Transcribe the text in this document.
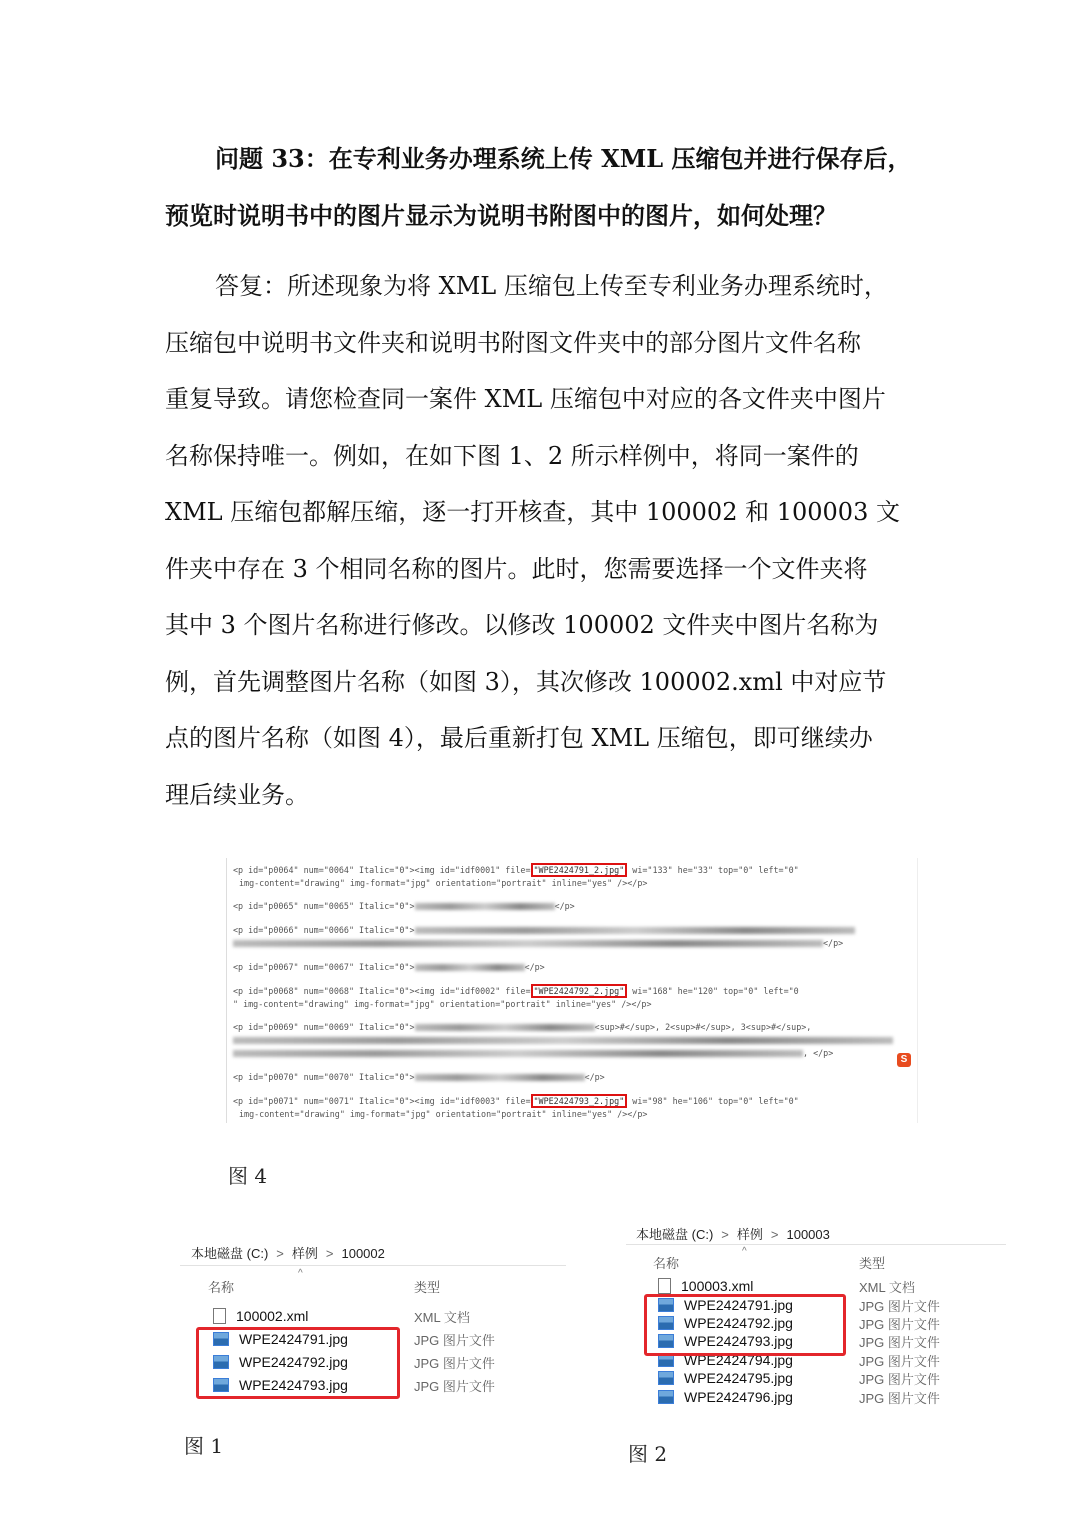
问题 33：在专利业务办理系统上传 XML 压缩包并进行保存后，
预览时说明书中的图片显示为说明书附图中的图片，如何处理？
答复：所述现象为将 XML 压缩包上传至专利业务办理系统时，
压缩包中说明书文件夹和说明书附图文件夹中的部分图片文件名称
重复导致。请您检查同一案件 XML 压缩包中对应的各文件夹中图片
名称保持唯一。例如，在如下图 1、2 所示样例中，将同一案件的
XML 压缩包都解压缩，逐一打开核查，其中 100002 和 100003 文
件夹中存在 3 个相同名称的图片。此时，您需要选择一个文件夹将
其中 3 个图片名称进行修改。以修改 100002 文件夹中图片名称为
例，首先调整图片名称（如图 3），其次修改 100002.xml 中对应节
点的图片名称（如图 4），最后重新打包 XML 压缩包，即可继续办
理后续业务。
<p id="p0064" num="0064" Italic="0"><img id="idf0001" file= "WPE2424791_2.jpg" wi="133" he="33" top="0" left="0"
img-content="drawing" img-format="jpg" orientation="portrait" inline="yes" /></p>
<p id="p0065" num="0065" Italic="0">	</p>
<p id="p0066" num="0066" Italic="0">
</p>
<p id="p0067" num="0067" Italic="0">	</p>
<p id="p0068" num="0068" Italic="0"><img id="idf0002" file= "WPE2424792_2.jpg" wi="168" he="120" top="0" left="0
" img-content="drawing" img-format="jpg" orientation="portrait" inline="yes" /></p>
<p id="p0069" num="0069" Italic="0">	<sup>#</sup>, 2<sup>#</sup>, 3<sup>#</sup>,
, </p>
S
<p id="p0070" num="0070" Italic="0">	</p>
<p id="p0071" num="0071" Italic="0"><img id="idf0003" file= "WPE2424793_2.jpg" wi="98" he="106" top="0" left="0"
img-content="drawing" img-format="jpg" orientation="portrait" inline="yes" /></p>
图 4
本地磁盘 (C:) > 样例 > 100002
^
名称	类型
100002.xml	XML 文档
WPE2424791.jpg	JPG 图片文件
WPE2424792.jpg	JPG 图片文件
WPE2424793.jpg	JPG 图片文件
图 1
本地磁盘 (C:) > 样例 > 100003
^
名称	类型
100003.xml	XML 文档
WPE2424791.jpg	JPG 图片文件
WPE2424792.jpg	JPG 图片文件
WPE2424793.jpg	JPG 图片文件
WPE2424794.jpg	JPG 图片文件
WPE2424795.jpg	JPG 图片文件
WPE2424796.jpg	JPG 图片文件
图 2
